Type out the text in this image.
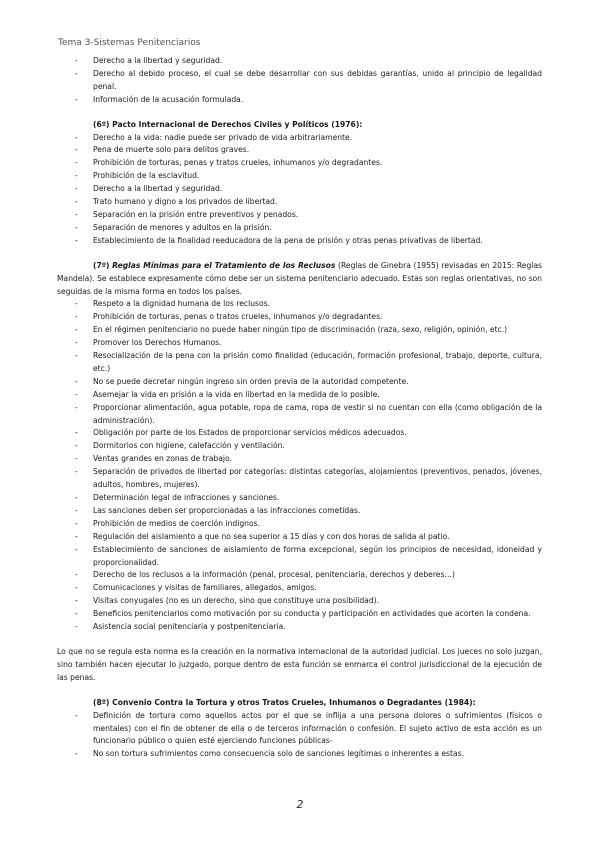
Tema 3-Sistemas Penitenciarios
- Derecho a la libertad y seguridad.
- Derecho al debido proceso, el cual se debe desarrollar con sus debidas garantías, unido al principio de legalidad penal.
- Información de la acusación formulada.
(6º) Pacto Internacional de Derechos Civiles y Políticos (1976):
- Derecho a la vida: nadie puede ser privado de vida arbitrariamente.
- Pena de muerte solo para delitos graves.
- Prohibición de torturas, penas y tratos crueles, inhumanos y/o degradantes.
- Prohibición de la esclavitud.
- Derecho a la libertad y seguridad.
- Trato humano y digno a los privados de libertad.
- Separación en la prisión entre preventivos y penados.
- Separación de menores y adultos en la prisión.
- Establecimiento de la finalidad reeducadora de la pena de prisión y otras penas privativas de libertad.
(7º) Reglas Mínimas para el Tratamiento de los Reclusos (Reglas de Ginebra (1955) revisadas en 2015: Reglas Mandela). Se establece expresamente cómo debe ser un sistema penitenciario adecuado. Estas son reglas orientativas, no son seguidas de la misma forma en todos los países.
- Respeto a la dignidad humana de los reclusos.
- Prohibición de torturas, penas o tratos crueles, inhumanos y/o degradantes.
- En el régimen penitenciario no puede haber ningún tipo de discriminación (raza, sexo, religión, opinión, etc.)
- Promover los Derechos Humanos.
- Resocialización de la pena con la prisión como finalidad (educación, formación profesional, trabajo, deporte, cultura, etc.)
- No se puede decretar ningún ingreso sin orden previa de la autoridad competente.
- Asemejar la vida en prisión a la vida en libertad en la medida de lo posible.
- Proporcionar alimentación, agua potable, ropa de cama, ropa de vestir si no cuentan con ella (como obligación de la administración).
- Obligación por parte de los Estados de proporcionar servicios médicos adecuados.
- Dormitorios con higiene, calefacción y ventilación.
- Ventas grandes en zonas de trabajo.
- Separación de privados de libertad por categorías: distintas categorías, alojamientos (preventivos, penados, jóvenes, adultos, hombres, mujeres).
- Determinación legal de infracciones y sanciones.
- Las sanciones deben ser proporcionadas a las infracciones cometidas.
- Prohibición de medios de coerción indignos.
- Regulación del aislamiento a que no sea superior a 15 días y con dos horas de salida al patio.
- Establecimiento de sanciones de aislamiento de forma excepcional, según los principios de necesidad, idoneidad y proporcionalidad.
- Derecho de los reclusos a la información (penal, procesal, penitenciaria, derechos y deberes…)
- Comunicaciones y visitas de familiares, allegados, amigos.
- Visitas conyugales (no es un derecho, sino que constituye una posibilidad).
- Beneficios penitenciarios como motivación por su conducta y participación en actividades que acorten la condena.
- Asistencia social penitenciaria y postpenitenciaria.
Lo que no se regula esta norma es la creación en la normativa internacional de la autoridad judicial. Los jueces no solo juzgan, sino también hacen ejecutar lo juzgado, porque dentro de esta función se enmarca el control jurisdiccional de la ejecución de las penas.
(8º) Convenio Contra la Tortura y otros Tratos Crueles, Inhumanos o Degradantes (1984):
- Definición de tortura como aquellos actos por el que se inflija a una persona dolores o sufrimientos (físicos o mentales) con el fin de obtener de ella o de terceros información o confesión. El sujeto activo de esta acción es un funcionario público o quien esté ejerciendo funciones públicas-
- No son tortura sufrimientos como consecuencia solo de sanciones legítimas o inherentes a estas.
2
